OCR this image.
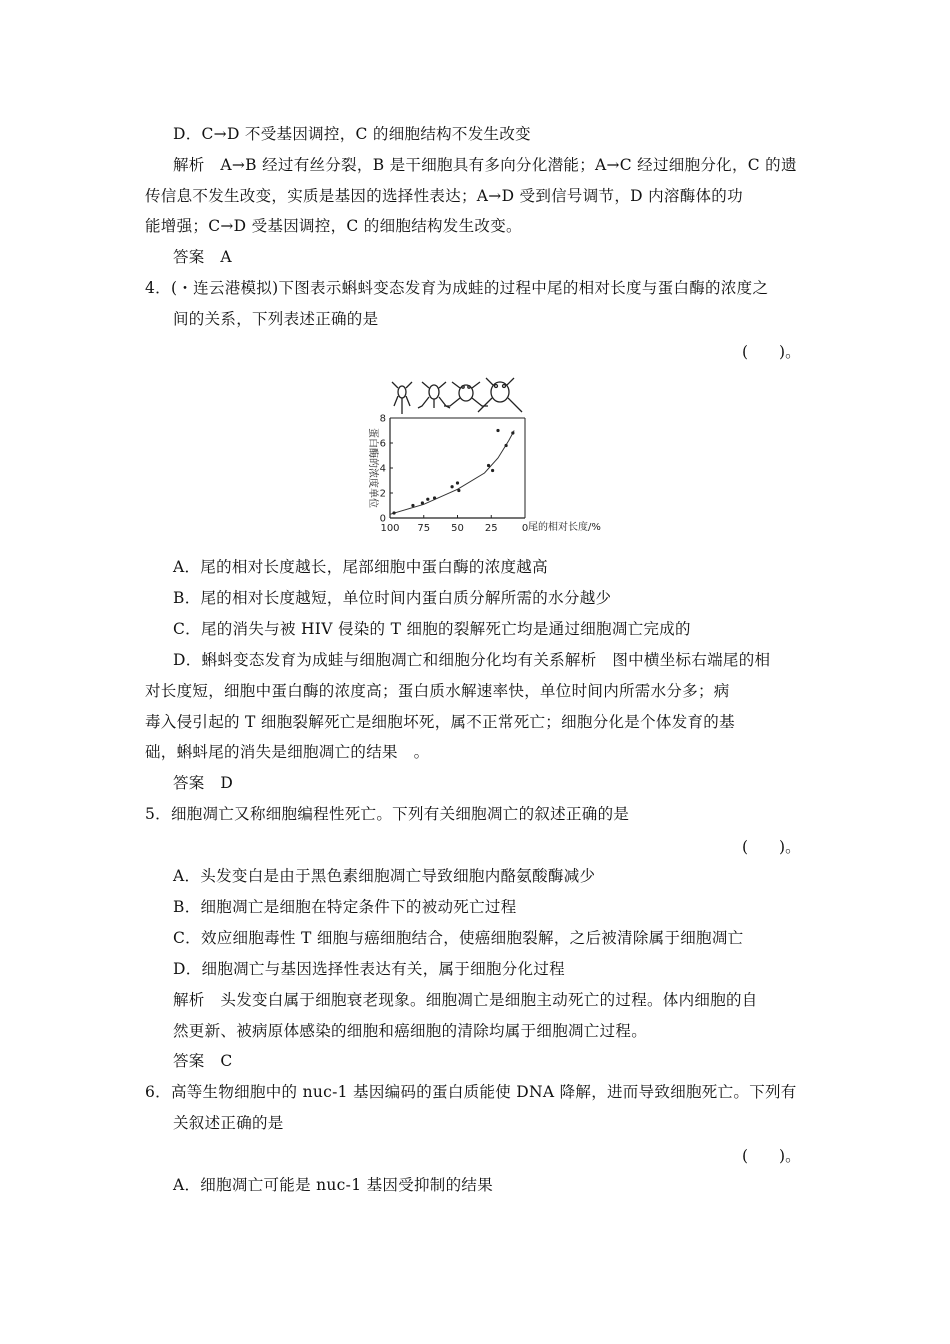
D．C→D 不受基因调控，C 的细胞结构不发生改变
解析　A→B 经过有丝分裂，B 是干细胞具有多向分化潜能；A→C 经过细胞分化，C 的遗
传信息不发生改变，实质是基因的选择性表达；A→D 受到信号调节，D 内溶酶体的功
能增强；C→D 受基因调控，C 的细胞结构发生改变。
答案　A
4．(・连云港模拟)下图表示蝌蚪变态发育为成蛙的过程中尾的相对长度与蛋白酶的浓度之
间的关系，下列表述正确的是
(　　)。
蛋白酶的浓度单位
尾的相对长度/%
0
2
4
6
8
100 75 50 25 0
A．尾的相对长度越长，尾部细胞中蛋白酶的浓度越高
B．尾的相对长度越短，单位时间内蛋白质分解所需的水分越少
C．尾的消失与被 HIV 侵染的 T 细胞的裂解死亡均是通过细胞凋亡完成的
D．蝌蚪变态发育为成蛙与细胞凋亡和细胞分化均有关系解析　图中横坐标右端尾的相
对长度短，细胞中蛋白酶的浓度高；蛋白质水解速率快，单位时间内所需水分多；病
毒入侵引起的 T 细胞裂解死亡是细胞坏死，属不正常死亡；细胞分化是个体发育的基
础，蝌蚪尾的消失是细胞凋亡的结果　。
答案　D
5．细胞凋亡又称细胞编程性死亡。下列有关细胞凋亡的叙述正确的是
(　　)。
A．头发变白是由于黑色素细胞凋亡导致细胞内酪氨酸酶减少
B．细胞凋亡是细胞在特定条件下的被动死亡过程
C．效应细胞毒性 T 细胞与癌细胞结合，使癌细胞裂解，之后被清除属于细胞凋亡
D．细胞凋亡与基因选择性表达有关，属于细胞分化过程
解析　头发变白属于细胞衰老现象。细胞凋亡是细胞主动死亡的过程。体内细胞的自
然更新、被病原体感染的细胞和癌细胞的清除均属于细胞凋亡过程。
答案　C
6．高等生物细胞中的 nuc-1 基因编码的蛋白质能使 DNA 降解，进而导致细胞死亡。下列有
关叙述正确的是
(　　)。
A．细胞凋亡可能是 nuc-1 基因受抑制的结果
